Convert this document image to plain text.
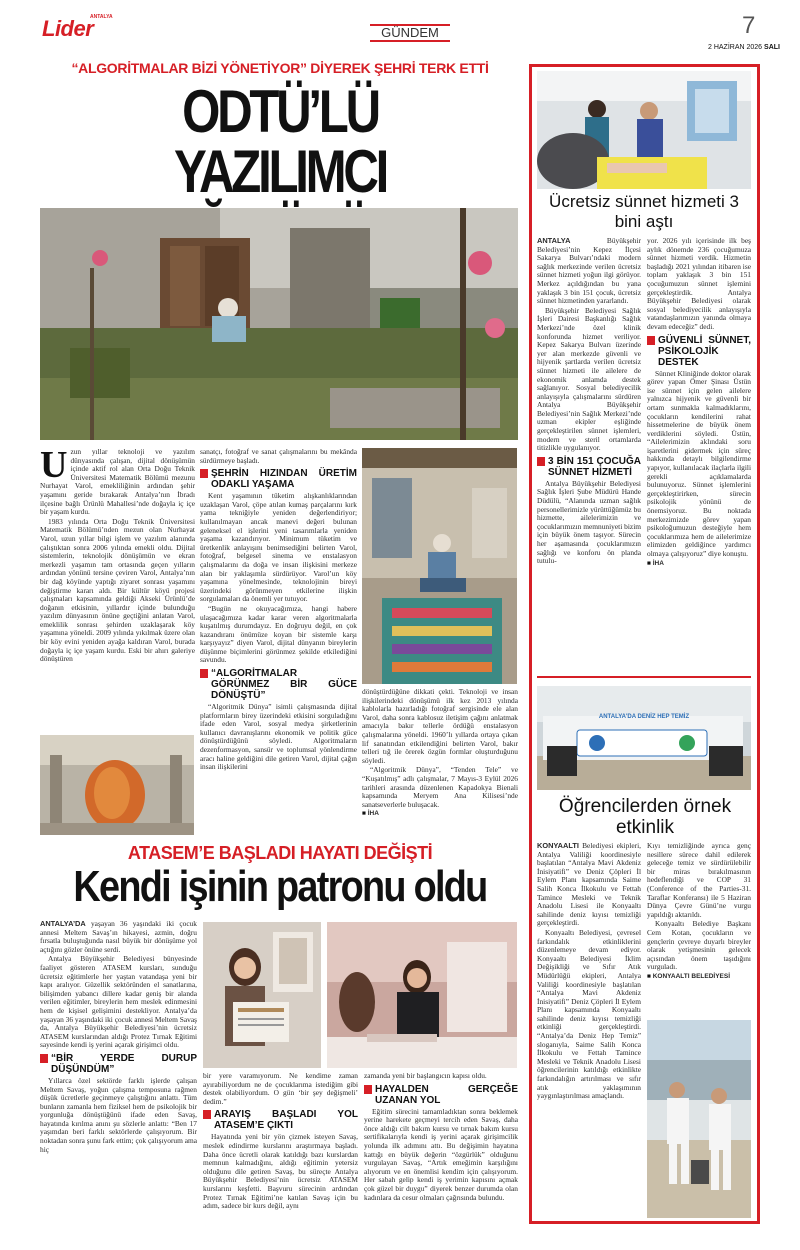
Lider
ANTALYA
GÜNDEM	7
2 HAZİRAN 2026 SALI
“ALGORİTMALAR BİZİ YÖNETİYOR” DİYEREK ŞEHRİ TERK ETTİ
ODTÜ’LÜ YAZILIMCI
U zun yıllar teknoloji ve yazılım dünyasında çalışan, dijital dönüşümün içinde aktif rol alan Orta Doğu Teknik Üniversitesi Matematik Bölümü mezunu Nurhayat Varol, emekliliğinin ardından şehir yaşamını geride bırakarak Antalya’nın İbradı ilçesine bağlı Ürünlü Mahallesi’nde doğayla iç içe bir yaşam kurdu.

1983 yılında Orta Doğu Teknik Üniversitesi Matematik Bölümü’nden mezun olan Nurhayat Varol, uzun yıllar bilgi işlem ve yazılım alanında çalıştıktan sonra 2006 yılında emekli oldu. Dijital sistemlerin, teknolojik dönüşümün ve ekran merkezli yaşamın tam ortasında geçen yılların ardından yönünü tersine çeviren Varol, Antalya’nın bir dağ köyünde yaptığı ziyaret sonrası yaşamını değiştirme kararı aldı. Bir kültür köyü projesi çalışmaları kapsamında geldiği Akseki Ürünlü’de doğanın etkisinin, yıllardır içinde bulunduğu yazılım dünyasının önüne geçtiğini anlatan Varol, emeklilik sonrası şehirden uzaklaşarak köy yaşamına yöneldi. 2009 yılında yıkılmak üzere olan bir köy evini yeniden ayağa kaldıran Varol, burada doğayla iç içe yaşam kurdu. Eski bir ahırı galeriye dönüştüren

sanatçı, fotoğraf ve sanat çalışmalarını bu mekânda sürdürmeye başladı.

ŞEHRİN HIZINDAN ÜRETİM ODAKLI YAŞAMA

Kent yaşamının tüketim alışkanlıklarından uzaklaşan Varol, çöpe atılan kumaş parçalarını kırk yama tekniğiyle yeniden değerlendiriyor; kullanılmayan ancak manevi değeri bulunan geleneksel el işlerini yeni tasarımlarla yeniden yaşama kazandırıyor. Minimum tüketim ve üretkenlik anlayışını benimsediğini belirten Varol, fotoğraf, belgesel sinema ve enstalasyon çalışmalarını da doğa ve insan ilişkisini merkeze alan bir yaklaşımla sürdürüyor. Varol’un köy yaşamına yönelmesinde, teknolojinin bireyi üzerindeki görünmeyen etkilerine ilişkin sorgulamaları da önemli yer tutuyor.

“Bugün ne okuyacağımıza, hangi habere ulaşacağımıza kadar karar veren algoritmalarla kuşatılmış durumdayız. En doğruyu değil, en çok kazandıranı önümüze koyan bir sistemle karşı karşıyayız” diyen Varol, dijital dünyanın bireylerin düşünme biçimlerini görünmez şekilde etkilediğini savundu.

“ALGORİTMALAR GÖRÜNMEZ BİR GÜCE DÖNÜŞTÜ”

“Algoritmik Dünya” isimli çalışmasında dijital platformların birey üzerindeki etkisini sorguladığını ifade eden Varol, sosyal medya şirketlerinin kullanıcı davranışlarını ekonomik ve politik güce dönüştürdüğünü söyledi. Algoritmaların dezenformasyon, sansür ve toplumsal yönlendirme aracı haline geldiğini dile getiren Varol, dijital çağın insan ilişkilerini

dönüştürdüğüne dikkati çekti. Teknoloji ve insan ilişkilerindeki dönüşümü ilk kez 2013 yılında kablolarla hazırladığı fotoğraf sergisinde ele alan Varol, daha sonra kablosuz iletişim çağını anlatmak amacıyla bakır tellerle ördüğü enstalasyon çalışmalarına yöneldi. 1960’lı yıllarda ortaya çıkan lif sanatından etkilendiğini belirten Varol, bakır telleri tığ ile örerek özgün formlar oluşturduğunu söyledi.

“Algoritmik Dünya”, “Tenden Tele” ve “Kuşatılmış” adlı çalışmalar, 7 Mayıs-3 Eylül 2026 tarihleri arasında düzenlenen Kapadokya Bienali kapsamında Meryem Ana Kilisesi’nde sanatseverlerle buluşacak.

■ İHA
ATASEM’E BAŞLADI HAYATI DEĞİŞTİ
Kendi işinin patronu oldu

ANTALYA’DA yaşayan 36 yaşındaki iki çocuk annesi Meltem Savaş’ın hikayesi, azmin, doğru fırsatla buluştuğunda nasıl büyük bir dönüşüme yol açtığını gözler önüne serdi.

Antalya Büyükşehir Belediyesi bünyesinde faaliyet gösteren ATASEM kursları, sunduğu ücretsiz eğitimlerle her yaştan vatandaşa yeni bir kapı aralıyor. Güzellik sektöründen el sanatlarına, bilişimden yabancı dillere kadar geniş bir alanda verilen eğitimler, bireylerin hem meslek edinmesini hem de kişisel gelişimini destekliyor. Antalya’da yaşayan 36 yaşındaki iki çocuk annesi Meltem Savaş da, Antalya Büyükşehir Belediyesi’nin ücretsiz ATASEM kurslarından aldığı Protez Tırnak Eğitimi sayesinde kendi iş yerini açarak girişimci oldu.

“BİR YERDE DURUP DÜŞÜNDÜM”

Yıllarca özel sektörde farklı işlerde çalışan Meltem Savaş, yoğun çalışma temposuna rağmen düşük ücretlerle geçinmeye çalıştığını anlattı. Tüm bunların zamanla hem fiziksel hem de psikolojik bir yorgunluğa dönüştüğünü ifade eden Savaş, hayatında kırılma anını şu sözlerle anlattı: “Ben 17 yaşımdan beri farklı sektörlerde çalışıyorum. Bir noktadan sonra şunu fark ettim; çok çalışıyorum ama hiç

bir yere varamıyorum. Ne kendime zaman ayırabiliyordum ne de çocuklarıma istediğim gibi destek olabiliyordum. O gün ‘bir şey değişmeli’ dedim.”

ARAYIŞ BAŞLADI YOL ATASEM’E ÇIKTI

Hayatında yeni bir yön çizmek isteyen Savaş, meslek edindirme kurslarını araştırmaya başladı. Daha önce ücretli olarak katıldığı bazı kurslardan memnun kalmadığını, aldığı eğitimin yetersiz olduğunu dile getiren Savaş, bu süreçte Antalya Büyükşehir Belediyesi’nin ücretsiz ATASEM kurslarını keşfetti. Başvuru sürecinin ardından Protez Tırnak Eğitimi’ne katılan Savaş için bu adım, sadece bir kurs değil, aynı

zamanda yeni bir başlangıcın kapısı oldu.

HAYALDEN GERÇEĞE UZANAN YOL

Eğitim sürecini tamamladıktan sonra beklemek yerine harekete geçmeyi tercih eden Savaş, daha önce aldığı cilt bakım kursu ve tırnak bakım kursu sertifikalarıyla kendi iş yerini açarak girişimcilik yolunda ilk adımını attı. Bu değişimin hayatına kattığı en büyük değerin “özgürlük” olduğunu vurgulayan Savaş, “Artık emeğimin karşılığını alıyorum ve en önemlisi kendim için çalışıyorum. Her sabah gelip kendi iş yerimin kapısını açmak çok güzel bir duygu” diyerek benzer durumda olan kadınlara da cesur olmaları çağrısında bulundu.

Ücretsiz sünnet hizmeti 3 bini aştı

ANTALYA Büyükşehir Belediyesi’nin Kepez İlçesi Sakarya Bulvarı’ndaki modern sağlık merkezinde verilen ücretsiz sünnet hizmeti yoğun ilgi görüyor. Merkez açıldığından bu yana yaklaşık 3 bin 151 çocuk, ücretsiz sünnet hizmetinden yararlandı.

Büyükşehir Belediyesi Sağlık İşleri Dairesi Başkanlığı Sağlık Merkezi’nde özel klinik konforunda hizmet veriliyor. Kepez Sakarya Bulvarı üzerinde yer alan merkezde güvenli ve hijyenik şartlarda verilen ücretsiz sünnet hizmeti ile ailelere de ekonomik anlamda destek sağlanıyor. Sosyal belediyecilik anlayışıyla çalışmalarını sürdüren Antalya Büyükşehir Belediyesi’nin Sağlık Merkezi’nde uzman ekipler eşliğinde gerçekleştirilen sünnet işlemleri, modern ve steril ortamlarda titizlikle uygulanıyor.

3 BİN 151 ÇOCUĞA SÜNNET HİZMETİ

Antalya Büyükşehir Belediyesi Sağlık İşleri Şube Müdürü Hande Düdülü, “Alanında uzman sağlık personellerimizle yürüttüğümüz bu hizmette, ailelerimizin ve çocuklarımızın memnuniyeti bizim için büyük önem taşıyor. Sürecin her aşamasında çocuklarımızın sağlığı ve konforu ön planda tutulu-

yor. 2026 yılı içerisinde ilk beş aylık dönemde 236 çocuğumuza sünnet hizmeti verdik. Hizmetin başladığı 2021 yılından itibaren ise toplam yaklaşık 3 bin 151 çocuğumuzun sünnet işlemini gerçekleştirdik. Antalya Büyükşehir Belediyesi olarak sosyal belediyecilik anlayışıyla vatandaşlarımızın yanında olmaya devam edeceğiz” dedi.

GÜVENLİ SÜNNET, PSİKOLOJİK DESTEK

Sünnet Kliniğinde doktor olarak görev yapan Ömer Şinası Üstün ise sünnet için gelen ailelere yalnızca hijyenik ve güvenli bir ortam sunmakla kalmadıklarını, çocukların kendilerini rahat hissetmelerine de büyük önem verdiklerini söyledi. Üstün, “Ailelerimizin aklındaki soru işaretlerini gidermek için süreç hakkında detaylı bilgilendirme yapıyor, kullanılacak ilaçlarla ilgili gerekli açıklamalarda bulunuyoruz. Sünnet işlemlerini gerçekleştirirken, sürecin psikolojik yönünü de önemsiyoruz. Bu noktada merkezimizde görev yapan psikoloğumuzun desteğiyle hem çocuklarımıza hem de ailelerimize elimizden geldiğince yardımcı olmaya çalışıyoruz” diye konuştu.

■ İHA
ANTALYA'DA DENİZ HEP TEMİZ
Öğrencilerden örnek etkinlik

KONYAALTI Belediyesi ekipleri, Antalya Valiliği koordinesiyle başlatılan “Antalya Mavi Akdeniz İnisiyatifi” ve Deniz Çöpleri İl Eylem Planı kapsamında Saime Salih Konca İlkokulu ve Fettah Tamince Mesleki ve Teknik Anadolu Lisesi ile Konyaaltı sahilinde deniz kıyısı temizliği gerçekleştirdi.

Konyaaltı Belediyesi, çevresel farkındalık etkinliklerini düzenlemeye devam ediyor. Konyaaltı Belediyesi İklim Değişikliği ve Sıfır Atık Müdürlüğü ekipleri, Antalya Valiliği koordinesiyle başlatılan “Antalya Mavi Akdeniz İnisiyatifi” Deniz Çöpleri İl Eylem Planı kapsamında Konyaaltı sahilinde deniz kıyısı temizliği etkinliği gerçekleştirdi. “Antalya’da Deniz Hep Temiz” sloganıyla, Saime Salih Konca İlkokulu ve Fettah Tamince Mesleki ve Teknik Anadolu Lisesi öğrencilerinin katıldığı etkinlikte farkındalığın artırılması ve sıfır atık yaklaşımının yaygınlaştırılması amaçlandı.

Kıyı temizliğinde ayrıca genç nesillere sürece dahil edilerek geleceğe temiz ve sürdürülebilir bir miras bırakılmasının hedeflendiği ve COP 31 (Conference of the Parties-31. Taraflar Konferansı) ile 5 Haziran Dünya Çevre Günü’ne vurgu yapıldığı aktarıldı.

Konyaaltı Belediye Başkanı Cem Kotan, çocukların ve gençlerin çevreye duyarlı bireyler olarak yetişmesinin gelecek açısından önem taşıdığını vurguladı.

■ KONYAALTI BELEDİYESİ
